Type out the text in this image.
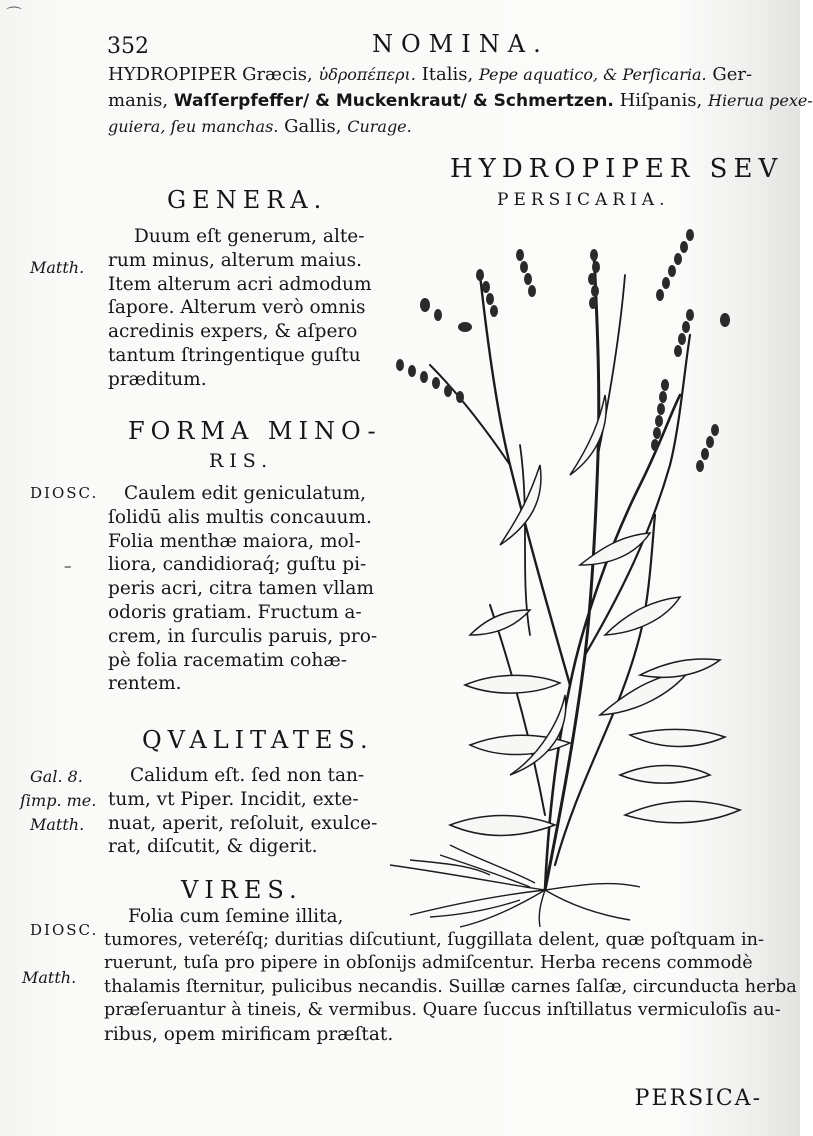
⌒
352	NOMINA.
HYDROPIPER Græcis, ὑδροπέπερι. Italis, Pepe aquatico, & Perſicaria. Ger-
manis, Waſſerpfeffer/ & Muckenkraut/ & Schmertzen. Hiſpanis, Hierua pexe-
guiera, ſeu manchas. Gallis, Curage.
HYDROPIPER SEV
PERSICARIA.
GENERA.
Matth.
Duum eſt generum, alte-
rum minus, alterum maius.
Item alterum acri admodum
ſapore. Alterum verò omnis
acredinis expers, & aſpero
tantum ſtringentique guſtu
præditum.
FORMA MINO-
RIS.
DIOSC.
–
Caulem edit geniculatum,
ſolidū alis multis concauum.
Folia menthæ maiora, mol-
liora, candidioraq́; guſtu pi-
peris acri, citra tamen vllam
odoris gratiam. Fructum a-
crem, in ſurculis paruis, pro-
pè folia racematim cohæ-
rentem.
QVALITATES.
Gal. 8.
ſimp. me.
Matth.
Calidum eſt. ſed non tan-
tum, vt Piper. Incidit, exte-
nuat, aperit, reſoluit, exulce-
rat, diſcutit, & digerit.
VIRES.
DIOSC.
Matth.
Folia cum ſemine illita,
tumores, veteréſq; duritias diſcutiunt, ſuggillata delent, quæ poſtquam in-
ruerunt, tuſa pro pipere in obſonijs admiſcentur. Herba recens commodè
thalamis ſternitur, pulicibus necandis. Suillæ carnes ſalſæ, circunducta herba
præſeruantur à tineis, & vermibus. Quare ſuccus inſtillatus vermiculoſis au-
ribus, opem mirificam præſtat.
PERSICA-
